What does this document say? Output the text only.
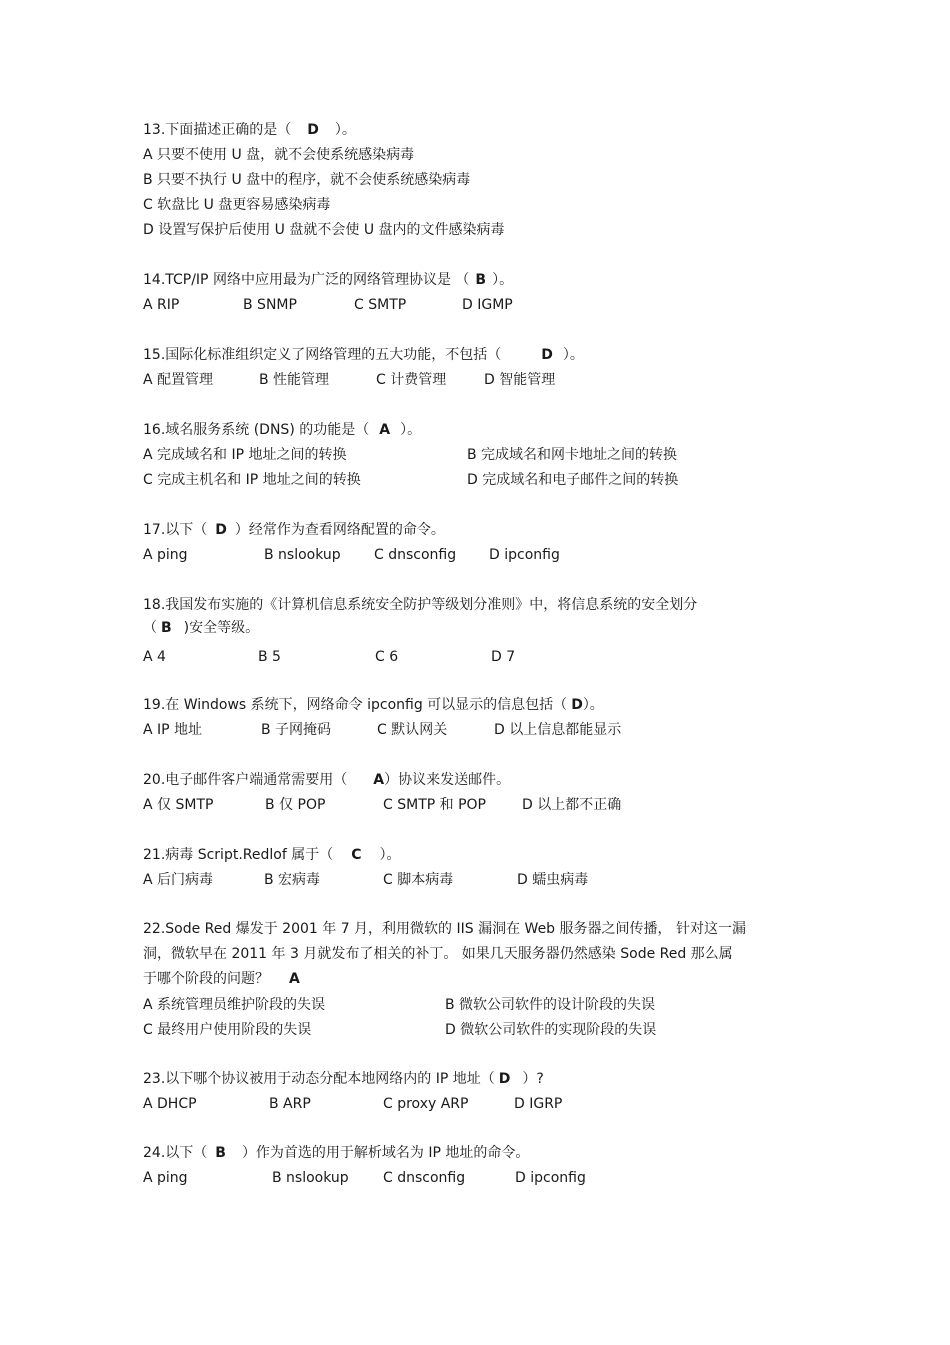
13.下面描述正确的是（ D ）。
A 只要不使用 U 盘，就不会使系统感染病毒
B 只要不执行 U 盘中的程序，就不会使系统感染病毒
C 软盘比 U 盘更容易感染病毒
D 设置写保护后使用 U 盘就不会使 U 盘内的文件感染病毒
14.TCP/IP 网络中应用最为广泛的网络管理协议是 （ B ）。
A RIP	B SNMP	C SMTP	D IGMP
15.国际化标准组织定义了网络管理的五大功能，不包括（	D ）。
A 配置管理	B 性能管理	C 计费管理	D 智能管理
16.域名服务系统 (DNS) 的功能是（ A ）。
A 完成域名和 IP 地址之间的转换	B 完成域名和网卡地址之间的转换
C 完成主机名和 IP 地址之间的转换	D 完成域名和电子邮件之间的转换
17.以下（ D ）经常作为查看网络配置的命令。
A ping	B nslookup C dnsconfig D ipconfig
18.我国发布实施的《计算机信息系统安全防护等级划分准则》中，将信息系统的安全划分
（ B )安全等级。
A 4	B 5	C 6	D 7
19.在 Windows 系统下，网络命令 ipconfig 可以显示的信息包括（ D）。
A IP 地址	B 子网掩码	C 默认网关	D 以上信息都能显示
20.电子邮件客户端通常需要用（ A）协议来发送邮件。
A 仅 SMTP	B 仅 POP	C SMTP 和 POP	D 以上都不正确
21.病毒 Script.Redlof 属于（ C ）。
A 后门病毒	B 宏病毒	C 脚本病毒	D 蠕虫病毒
22.Sode Red 爆发于 2001 年 7 月，利用微软的 IIS 漏洞在 Web 服务器之间传播， 针对这一漏
洞，微软早在 2011 年 3 月就发布了相关的补丁。 如果几天服务器仍然感染 Sode Red 那么属
于哪个阶段的问题？ A
A 系统管理员维护阶段的失误	B 微软公司软件的设计阶段的失误
C 最终用户使用阶段的失误	D 微软公司软件的实现阶段的失误
23.以下哪个协议被用于动态分配本地网络内的 IP 地址（ D ）?
A DHCP	B ARP	C proxy ARP	D IGRP
24.以下（ B ）作为首选的用于解析域名为 IP 地址的命令。
A ping	B nslookup C dnsconfig	D ipconfig
